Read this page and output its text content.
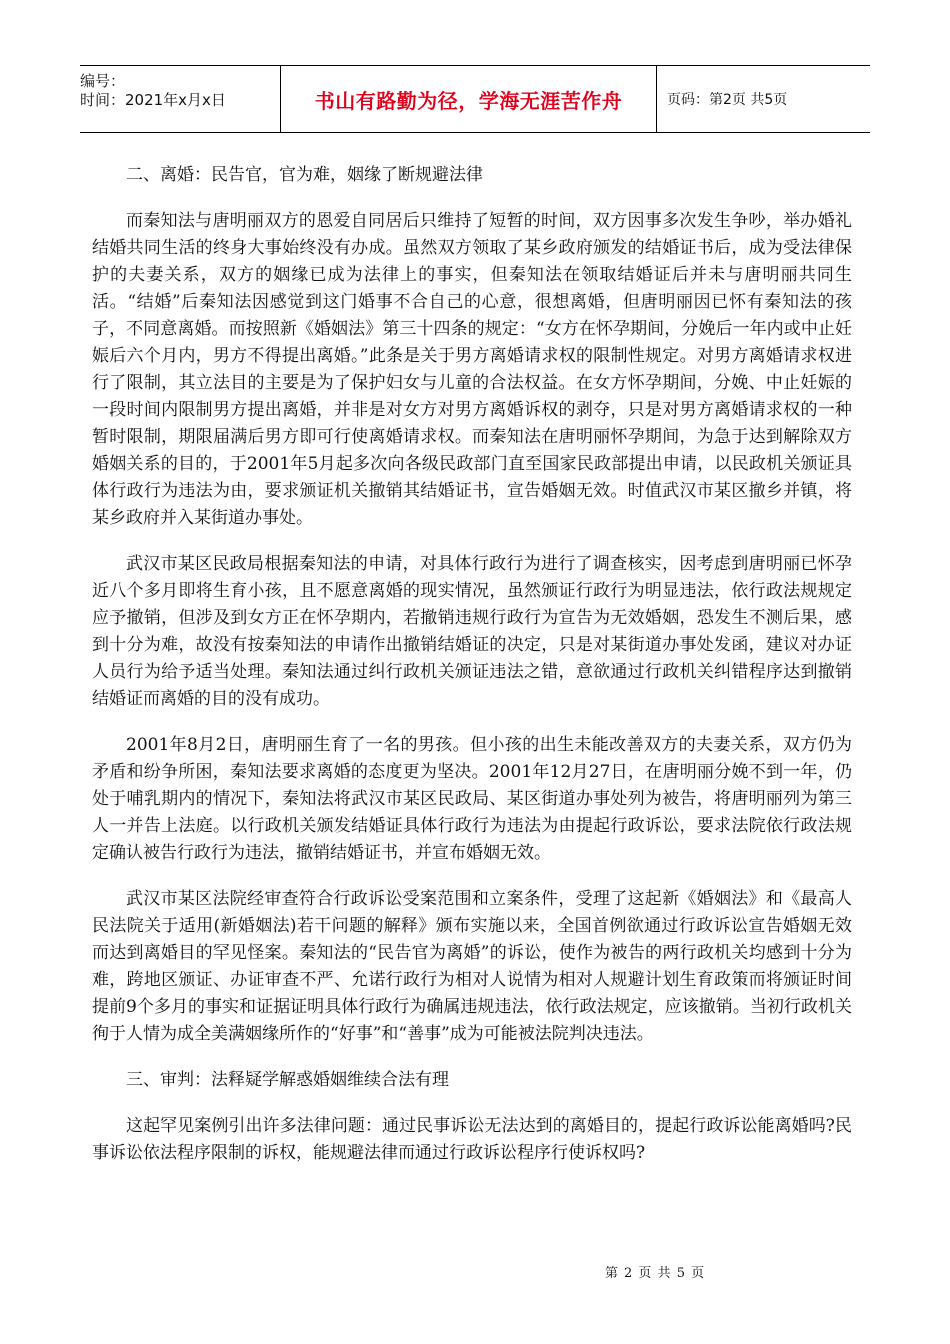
编号：
时间：2021年x月x日	书山有路勤为径，学海无涯苦作舟	页码：第2页 共5页

二、离婚：民告官，官为难，姻缘了断规避法律

而秦知法与唐明丽双方的恩爱自同居后只维持了短暂的时间，双方因事多次发生争吵，举办婚礼结婚共同生活的终身大事始终没有办成。虽然双方领取了某乡政府颁发的结婚证书后，成为受法律保护的夫妻关系，双方的姻缘已成为法律上的事实，但秦知法在领取结婚证后并未与唐明丽共同生活。“结婚”后秦知法因感觉到这门婚事不合自己的心意，很想离婚，但唐明丽因已怀有秦知法的孩子，不同意离婚。而按照新《婚姻法》第三十四条的规定：“女方在怀孕期间，分娩后一年内或中止妊娠后六个月内，男方不得提出离婚。”此条是关于男方离婚请求权的限制性规定。对男方离婚请求权进行了限制，其立法目的主要是为了保护妇女与儿童的合法权益。在女方怀孕期间，分娩、中止妊娠的一段时间内限制男方提出离婚，并非是对女方对男方离婚诉权的剥夺，只是对男方离婚请求权的一种暂时限制，期限届满后男方即可行使离婚请求权。而秦知法在唐明丽怀孕期间，为急于达到解除双方婚姻关系的目的，于2001年5月起多次向各级民政部门直至国家民政部提出申请，以民政机关颁证具体行政行为违法为由，要求颁证机关撤销其结婚证书，宣告婚姻无效。时值武汉市某区撤乡并镇，将某乡政府并入某街道办事处。

武汉市某区民政局根据秦知法的申请，对具体行政行为进行了调查核实，因考虑到唐明丽已怀孕近八个多月即将生育小孩，且不愿意离婚的现实情况，虽然颁证行政行为明显违法，依行政法规规定应予撤销，但涉及到女方正在怀孕期内，若撤销违规行政行为宣告为无效婚姻，恐发生不测后果，感到十分为难，故没有按秦知法的申请作出撤销结婚证的决定，只是对某街道办事处发函，建议对办证人员行为给予适当处理。秦知法通过纠行政机关颁证违法之错，意欲通过行政机关纠错程序达到撤销结婚证而离婚的目的没有成功。

2001年8月2日，唐明丽生育了一名的男孩。但小孩的出生未能改善双方的夫妻关系，双方仍为矛盾和纷争所困，秦知法要求离婚的态度更为坚决。2001年12月27日，在唐明丽分娩不到一年，仍处于哺乳期内的情况下，秦知法将武汉市某区民政局、某区街道办事处列为被告，将唐明丽列为第三人一并告上法庭。以行政机关颁发结婚证具体行政行为违法为由提起行政诉讼，要求法院依行政法规定确认被告行政行为违法，撤销结婚证书，并宣布婚姻无效。

武汉市某区法院经审查符合行政诉讼受案范围和立案条件，受理了这起新《婚姻法》和《最高人民法院关于适用(新婚姻法)若干问题的解释》颁布实施以来，全国首例欲通过行政诉讼宣告婚姻无效而达到离婚目的罕见怪案。秦知法的“民告官为离婚”的诉讼，使作为被告的两行政机关均感到十分为难，跨地区颁证、办证审查不严、允诺行政行为相对人说情为相对人规避计划生育政策而将颁证时间提前9个多月的事实和证据证明具体行政行为确属违规违法，依行政法规定，应该撤销。当初行政机关徇于人情为成全美满姻缘所作的“好事”和“善事”成为可能被法院判决违法。

三、审判：法释疑学解惑婚姻维续合法有理

这起罕见案例引出许多法律问题：通过民事诉讼无法达到的离婚目的，提起行政诉讼能离婚吗?民事诉讼依法程序限制的诉权，能规避法律而通过行政诉讼程序行使诉权吗?

第 2 页 共 5 页
